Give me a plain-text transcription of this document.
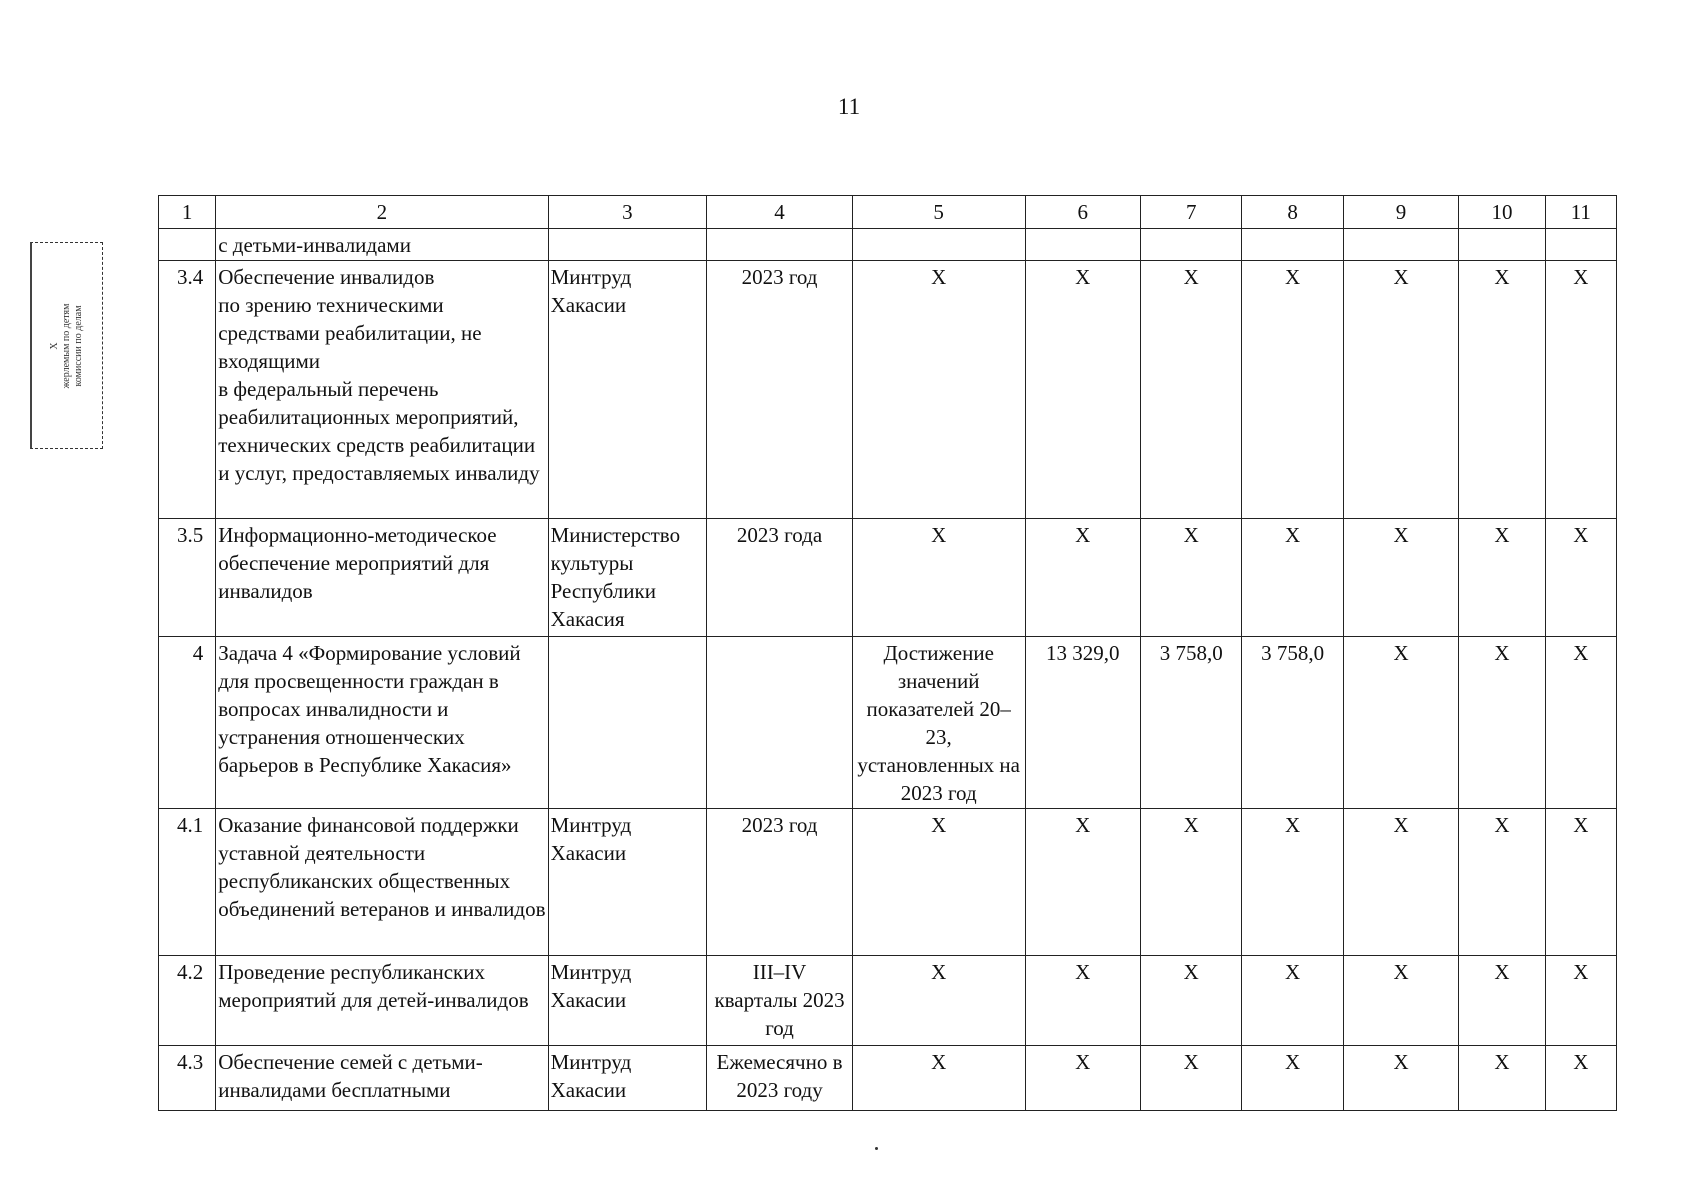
11
X жерлемым по детям комиссии по делам
1	2	3	4	5	6	7	8	9	10	11
	с детьми-инвалидами									
3.4	Обеспечение инвалидов
по зрению техническими средствами реабилитации, не входящими
в федеральный перечень реабилитационных мероприятий, технических средств реабилитации и услуг, предоставляемых инвалиду	Минтруд Хакасии	2023 год	Х	Х	Х	Х	Х	Х	Х
3.5	Информационно-методическое обеспечение мероприятий для инвалидов	Министерство культуры Республики Хакасия	2023 года	Х	Х	Х	Х	Х	Х	Х
4	Задача 4 «Формирование условий для просвещенности граждан в вопросах инвалидности и устранения отношенческих барьеров в Республике Хакасия»			Достижение значений показателей 20–23, установленных на 2023 год	13 329,0	3 758,0	3 758,0	Х	Х	Х
4.1	Оказание финансовой поддержки уставной деятельности республиканских общественных объединений ветеранов и инвалидов	Минтруд Хакасии	2023 год	Х	Х	Х	Х	Х	Х	Х
4.2	Проведение республиканских мероприятий для детей-инвалидов	Минтруд Хакасии	III–IV кварталы 2023 год	Х	Х	Х	Х	Х	Х	Х
4.3	Обеспечение семей с детьми-инвалидами бесплатными	Минтруд Хакасии	Ежемесячно в 2023 году	Х	Х	Х	Х	Х	Х	Х
